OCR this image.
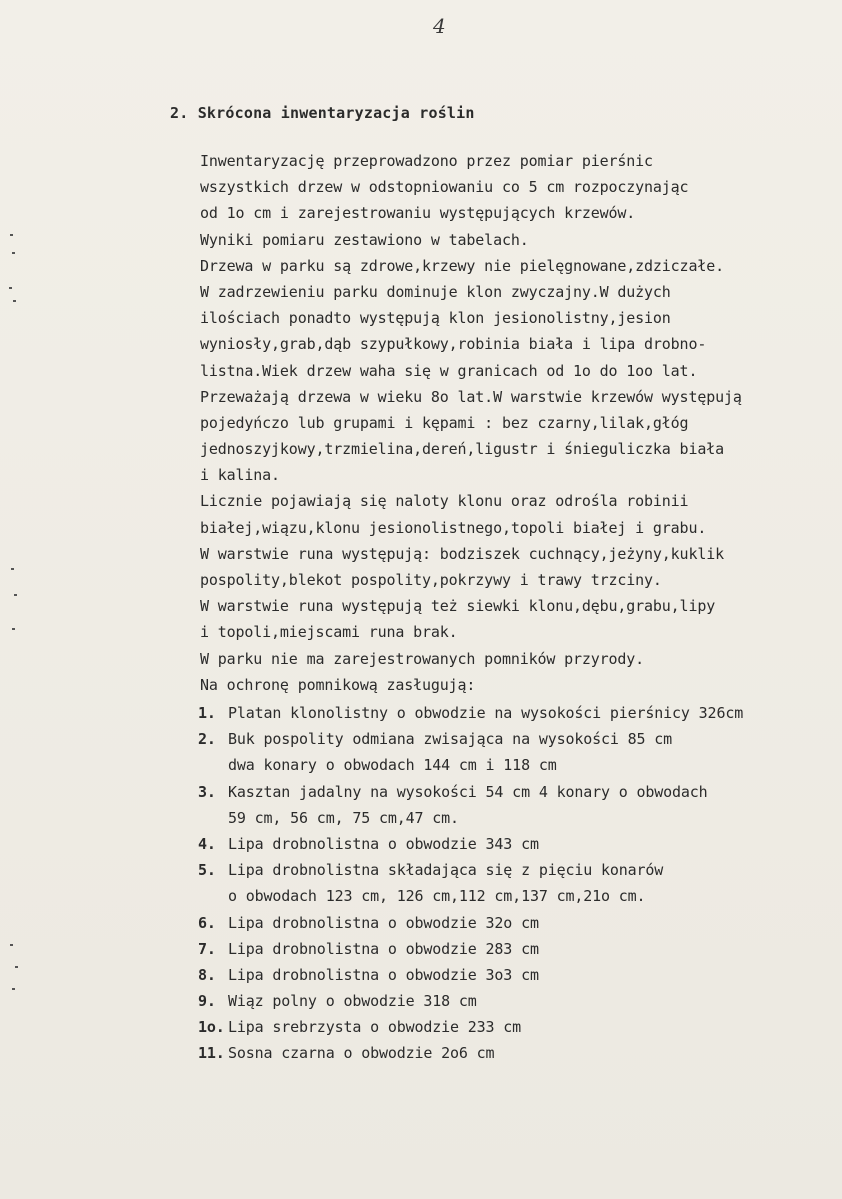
4
2. Skrócona inwentaryzacja roślin
Inwentaryzację przeprowadzono przez pomiar pierśnic
wszystkich drzew w odstopniowaniu co 5 cm rozpoczynając
od 1o cm i zarejestrowaniu występujących krzewów.
Wyniki pomiaru zestawiono w tabelach.
Drzewa w parku są zdrowe,krzewy nie pielęgnowane,zdziczałe.
W zadrzewieniu parku dominuje klon zwyczajny.W dużych
ilościach ponadto występują klon jesionolistny,jesion
wyniosły,grab,dąb szypułkowy,robinia biała i lipa drobno-
listna.Wiek drzew waha się w granicach od 1o do 1oo lat.
Przeważają drzewa w wieku 8o lat.W warstwie krzewów występują
pojedyńczo lub grupami i kępami : bez czarny,lilak,głóg
jednoszyjkowy,trzmielina,dereń,ligustr i śnieguliczka biała
i kalina.
Licznie pojawiają się naloty klonu oraz odrośla robinii
białej,wiązu,klonu jesionolistnego,topoli białej i grabu.
W warstwie runa występują: bodziszek cuchnący,jeżyny,kuklik
pospolity,blekot pospolity,pokrzywy i trawy trzciny.
W warstwie runa występują też siewki klonu,dębu,grabu,lipy
i topoli,miejscami runa brak.
W parku nie ma zarejestrowanych pomników przyrody.
Na ochronę pomnikową zasługują:
1. Platan klonolistny o obwodzie na wysokości pierśnicy 326cm
2. Buk pospolity odmiana zwisająca na wysokości 85 cm
dwa konary o obwodach 144 cm i 118 cm
3. Kasztan jadalny na wysokości 54 cm 4 konary o obwodach
59 cm, 56 cm, 75 cm,47 cm.
4. Lipa drobnolistna o obwodzie 343 cm
5. Lipa drobnolistna składająca się z pięciu konarów
o obwodach 123 cm, 126 cm,112 cm,137 cm,21o cm.
6. Lipa drobnolistna o obwodzie 32o cm
7. Lipa drobnolistna o obwodzie 283 cm
8. Lipa drobnolistna o obwodzie 3o3 cm
9. Wiąz polny o obwodzie 318 cm
1o. Lipa srebrzysta o obwodzie 233 cm
11. Sosna czarna o obwodzie 2o6 cm
